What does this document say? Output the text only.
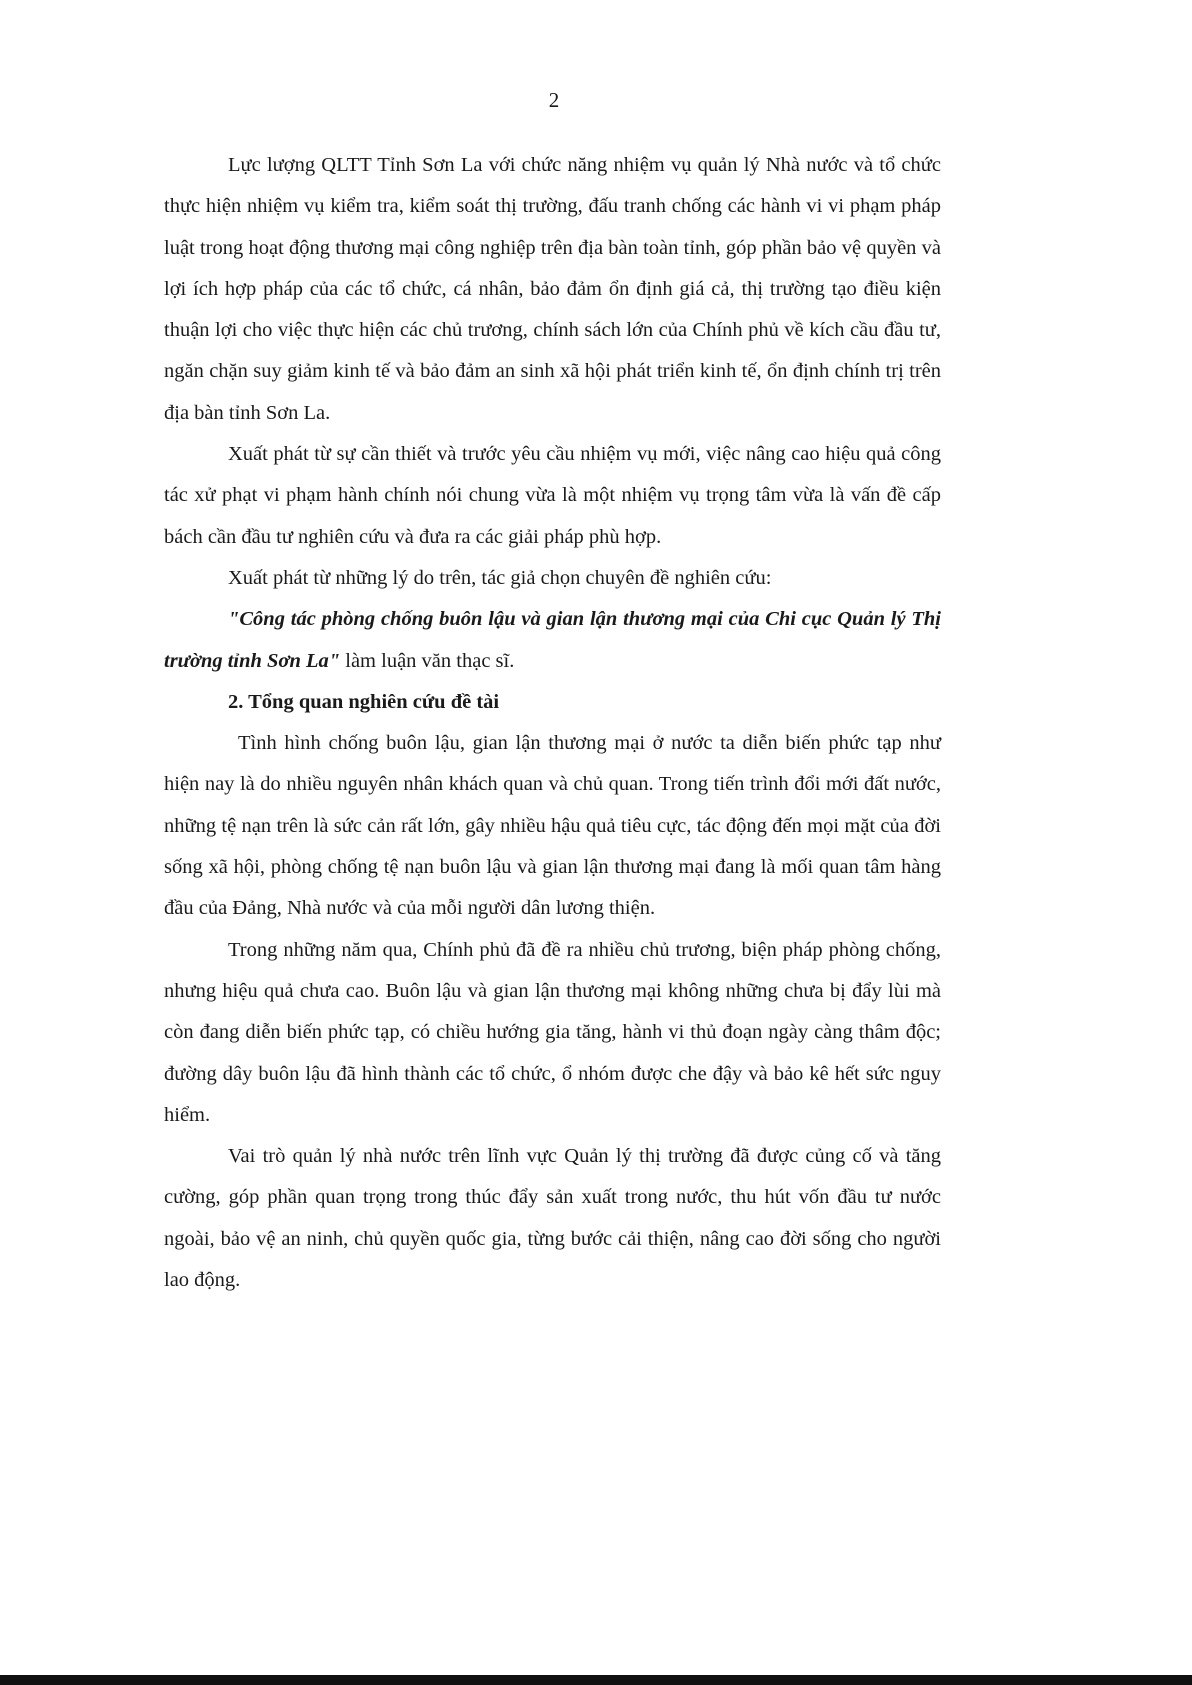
2

Lực lượng QLTT Tỉnh Sơn La với chức năng nhiệm vụ quản lý Nhà nước và tổ chức thực hiện nhiệm vụ kiểm tra, kiểm soát thị trường, đấu tranh chống các hành vi vi phạm pháp luật trong hoạt động thương mại công nghiệp trên địa bàn toàn tỉnh, góp phần bảo vệ quyền và lợi ích hợp pháp của các tổ chức, cá nhân, bảo đảm ổn định giá cả, thị trường tạo điều kiện thuận lợi cho việc thực hiện các chủ trương, chính sách lớn của Chính phủ về kích cầu đầu tư, ngăn chặn suy giảm kinh tế và bảo đảm an sinh xã hội phát triển kinh tế, ổn định chính trị trên địa bàn tỉnh Sơn La.

Xuất phát từ sự cần thiết và trước yêu cầu nhiệm vụ mới, việc nâng cao hiệu quả công tác xử phạt vi phạm hành chính nói chung vừa là một nhiệm vụ trọng tâm vừa là vấn đề cấp bách cần đầu tư nghiên cứu và đưa ra các giải pháp phù hợp.

Xuất phát từ những lý do trên, tác giả chọn chuyên đề nghiên cứu:

"Công tác phòng chống buôn lậu và gian lận thương mại của Chi cục Quản lý Thị trường tỉnh Sơn La" làm luận văn thạc sĩ.

2. Tổng quan nghiên cứu đề tài

Tình hình chống buôn lậu, gian lận thương mại ở nước ta diễn biến phức tạp như hiện nay là do nhiều nguyên nhân khách quan và chủ quan. Trong tiến trình đổi mới đất nước, những tệ nạn trên là sức cản rất lớn, gây nhiều hậu quả tiêu cực, tác động đến mọi mặt của đời sống xã hội, phòng chống tệ nạn buôn lậu và gian lận thương mại đang là mối quan tâm hàng đầu của Đảng, Nhà nước và của mỗi người dân lương thiện.

Trong những năm qua, Chính phủ đã đề ra nhiều chủ trương, biện pháp phòng chống, nhưng hiệu quả chưa cao. Buôn lậu và gian lận thương mại không những chưa bị đẩy lùi mà còn đang diễn biến phức tạp, có chiều hướng gia tăng, hành vi thủ đoạn ngày càng thâm độc; đường dây buôn lậu đã hình thành các tổ chức, ổ nhóm được che đậy và bảo kê hết sức nguy hiểm.

Vai trò quản lý nhà nước trên lĩnh vực Quản lý thị trường đã được củng cố và tăng cường, góp phần quan trọng trong thúc đẩy sản xuất trong nước, thu hút vốn đầu tư nước ngoài, bảo vệ an ninh, chủ quyền quốc gia, từng bước cải thiện, nâng cao đời sống cho người lao động.
